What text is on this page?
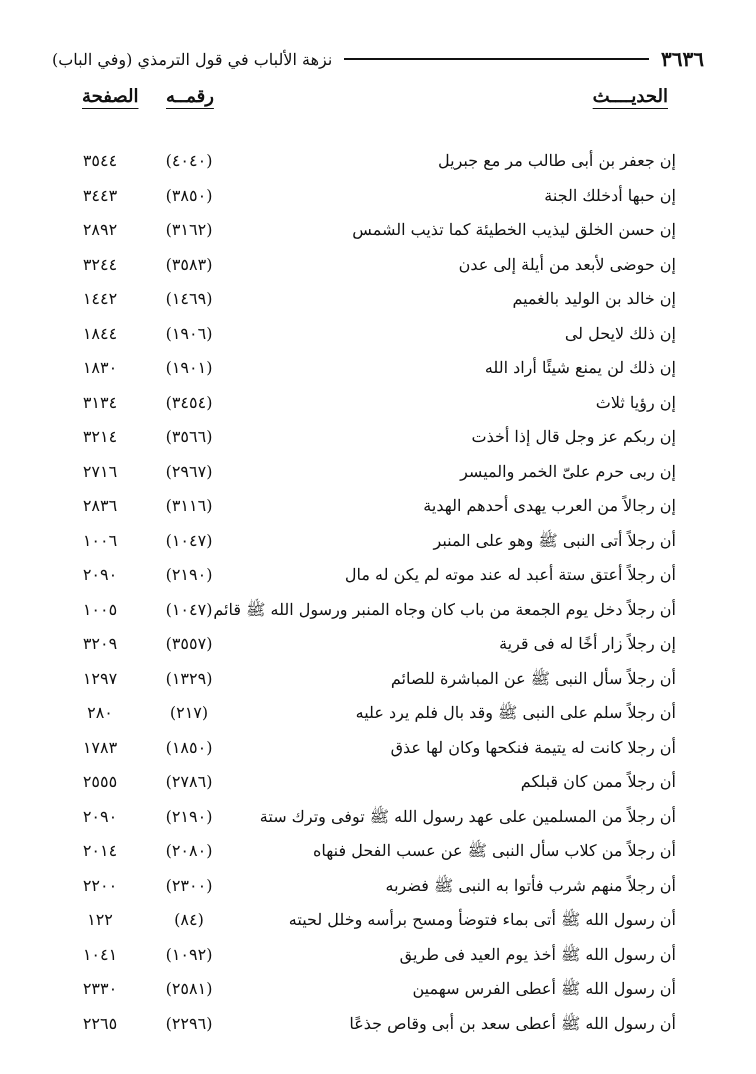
٣٦٣٦
نزهة الألباب في قول الترمذي (وفي الباب)
الحديــــث
رقمــه
الصفحة
إن جعفر بن أبى طالب مر مع جبريل
(٤٠٤٠)
٣٥٤٤
إن حبها أدخلك الجنة
(٣٨٥٠)
٣٤٤٣
إن حسن الخلق ليذيب الخطيئة كما تذيب الشمس
(٣١٦٢)
٢٨٩٢
إن حوضى لأبعد من أيلة إلى عدن
(٣٥٨٣)
٣٢٤٤
إن خالد بن الوليد بالغميم
(١٤٦٩)
١٤٤٢
إن ذلك لايحل لى
(١٩٠٦)
١٨٤٤
إن ذلك لن يمنع شيئًا أراد الله
(١٩٠١)
١٨٣٠
إن رؤيا ثلاث
(٣٤٥٤)
٣١٣٤
إن ربكم عز وجل قال إذا أخذت
(٣٥٦٦)
٣٢١٤
إن ربى حرم علىّ الخمر والميسر
(٢٩٦٧)
٢٧١٦
إن رجالاً من العرب يهدى أحدهم الهدية
(٣١١٦)
٢٨٣٦
أن رجلاً أتى النبى ﷺ وهو على المنبر
(١٠٤٧)
١٠٠٦
أن رجلاً أعتق ستة أعبد له عند موته لم يكن له مال
(٢١٩٠)
٢٠٩٠
أن رجلاً دخل يوم الجمعة من باب كان وجاه المنبر ورسول الله ﷺ قائم
(١٠٤٧)
١٠٠٥
إن رجلاً زار أخًا له فى قرية
(٣٥٥٧)
٣٢٠٩
أن رجلاً سأل النبى ﷺ عن المباشرة للصائم
(١٣٢٩)
١٢٩٧
أن رجلاً سلم على النبى ﷺ وقد بال فلم يرد عليه
(٢١٧)
٢٨٠
أن رجلا كانت له يتيمة فنكحها وكان لها عذق
(١٨٥٠)
١٧٨٣
أن رجلاً ممن كان قبلكم
(٢٧٨٦)
٢٥٥٥
أن رجلاً من المسلمين على عهد رسول الله ﷺ توفى وترك ستة
(٢١٩٠)
٢٠٩٠
أن رجلاً من كلاب سأل النبى ﷺ عن عسب الفحل فنهاه
(٢٠٨٠)
٢٠١٤
أن رجلاً منهم شرب فأتوا به النبى ﷺ فضربه
(٢٣٠٠)
٢٢٠٠
أن رسول الله ﷺ أتى بماء فتوضأ ومسح برأسه وخلل لحيته
(٨٤)
١٢٢
أن رسول الله ﷺ أخذ يوم العيد فى طريق
(١٠٩٢)
١٠٤١
أن رسول الله ﷺ أعطى الفرس سهمين
(٢٥٨١)
٢٣٣٠
أن رسول الله ﷺ أعطى سعد بن أبى وقاص جذعًا
(٢٢٩٦)
٢٢٦٥
